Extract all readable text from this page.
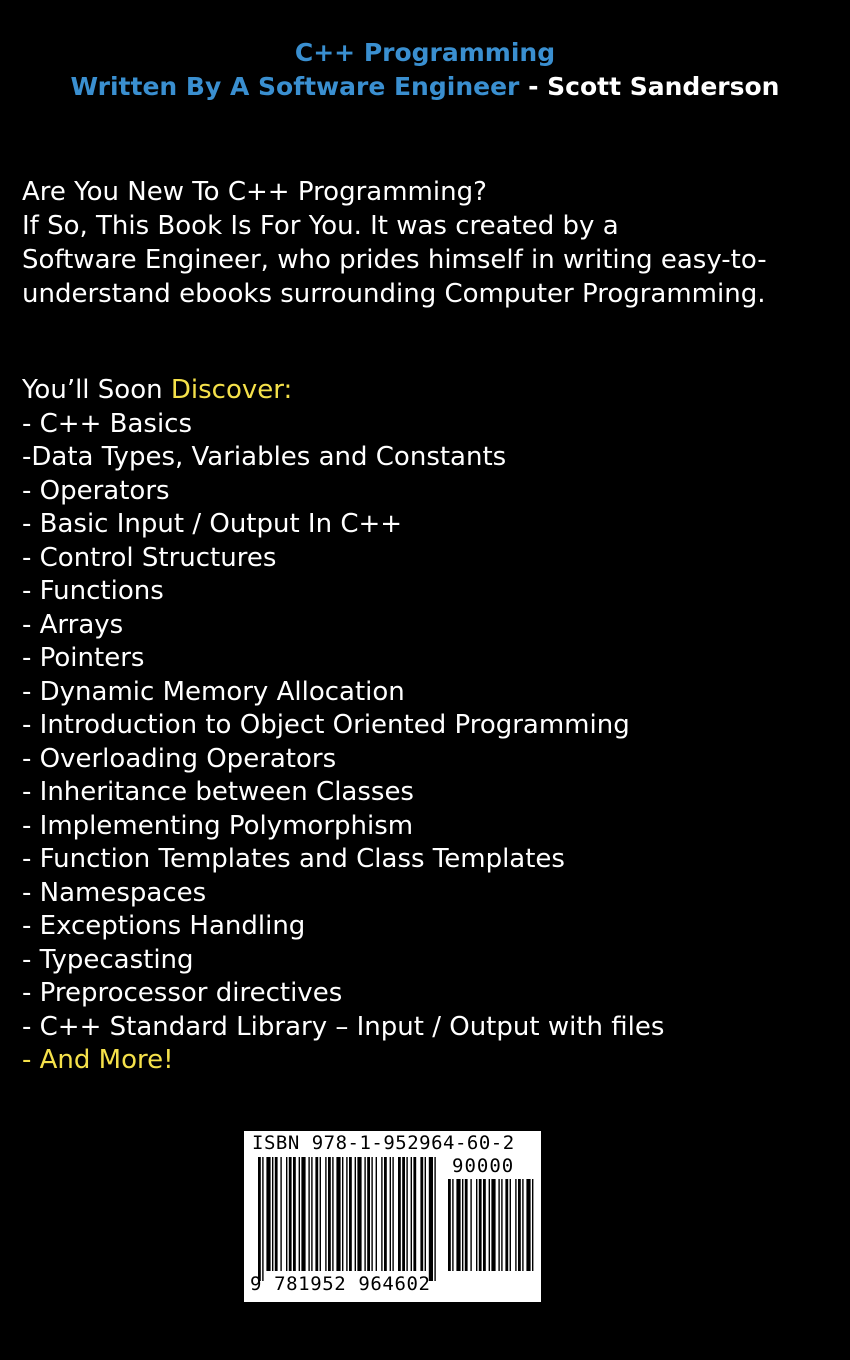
C++ Programming
Written By A Software Engineer - Scott Sanderson
Are You New To C++ Programming?
If So, This Book Is For You. It was created by a
Software Engineer, who prides himself in writing easy-to-
understand ebooks surrounding Computer Programming.
You’ll Soon Discover:
- C++ Basics
-Data Types, Variables and Constants
- Operators
- Basic Input / Output In C++
- Control Structures
- Functions
- Arrays
- Pointers
- Dynamic Memory Allocation
- Introduction to Object Oriented Programming
- Overloading Operators
- Inheritance between Classes
- Implementing Polymorphism
- Function Templates and Class Templates
- Namespaces
- Exceptions Handling
- Typecasting
- Preprocessor directives
- C++ Standard Library – Input / Output with files
- And More!
ISBN 978-1-952964-60-2
90000
9 781952 964602
